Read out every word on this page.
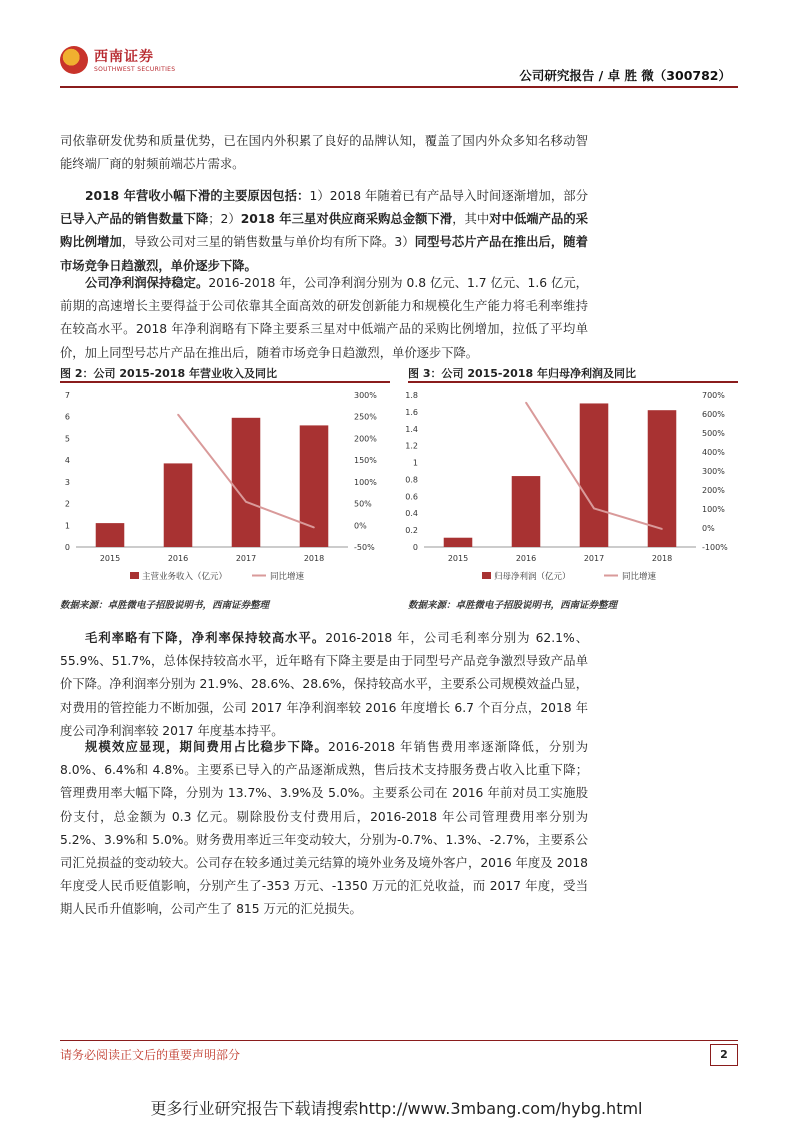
西南证券
SOUTHWEST SECURITIES	公司研究报告 / 卓 胜 微（300782）
司依靠研发优势和质量优势，已在国内外积累了良好的品牌认知，覆盖了国内外众多知名移动智能终端厂商的射频前端芯片需求。
2018 年营收小幅下滑的主要原因包括：1）2018 年随着已有产品导入时间逐渐增加，部分已导入产品的销售数量下降；2）2018 年三星对供应商采购总金额下滑，其中对中低端产品的采购比例增加，导致公司对三星的销售数量与单价均有所下降。3）同型号芯片产品在推出后，随着市场竞争日趋激烈，单价逐步下降。
公司净利润保持稳定。2016-2018 年，公司净利润分别为 0.8 亿元、1.7 亿元、1.6 亿元，前期的高速增长主要得益于公司依靠其全面高效的研发创新能力和规模化生产能力将毛利率维持在较高水平。2018 年净利润略有下降主要系三星对中低端产品的采购比例增加，拉低了平均单价，加上同型号芯片产品在推出后，随着市场竞争日趋激烈，单价逐步下降。
图 2：公司 2015-2018 年营业收入及同比	图 3：公司 2015-2018 年归母净利润及同比
0
1
2
3
4
5
6
7
-50%
0%
50%
100%
150%
200%
250%
300%
2015	2016	2017	2018
主营业务收入（亿元）	同比增速
0
0.2
0.4
0.6
0.8
1
1.2
1.4
1.6
1.8
-100%
0%
100%
200%
300%
400%
500%
600%
700%
2015	2016	2017	2018
归母净利润（亿元）	同比增速
数据来源：卓胜微电子招股说明书，西南证券整理	数据来源：卓胜微电子招股说明书，西南证券整理
毛利率略有下降，净利率保持较高水平。2016-2018 年，公司毛利率分别为 62.1%、55.9%、51.7%，总体保持较高水平，近年略有下降主要是由于同型号产品竞争激烈导致产品单价下降。净利润率分别为 21.9%、28.6%、28.6%，保持较高水平，主要系公司规模效益凸显，对费用的管控能力不断加强，公司 2017 年净利润率较 2016 年度增长 6.7 个百分点，2018 年度公司净利润率较 2017 年度基本持平。
规模效应显现，期间费用占比稳步下降。2016-2018 年销售费用率逐渐降低，分别为 8.0%、6.4%和 4.8%。主要系已导入的产品逐渐成熟，售后技术支持服务费占收入比重下降；管理费用率大幅下降，分别为 13.7%、3.9%及 5.0%。主要系公司在 2016 年前对员工实施股份支付，总金额为 0.3 亿元。剔除股份支付费用后，2016-2018 年公司管理费用率分别为 5.2%、3.9%和 5.0%。财务费用率近三年变动较大，分别为-0.7%、1.3%、-2.7%，主要系公司汇兑损益的变动较大。公司存在较多通过美元结算的境外业务及境外客户，2016 年度及 2018 年度受人民币贬值影响，分别产生了-353 万元、-1350 万元的汇兑收益，而 2017 年度，受当期人民币升值影响，公司产生了 815 万元的汇兑损失。
请务必阅读正文后的重要声明部分	2
更多行业研究报告下载请搜索http://www.3mbang.com/hybg.html
